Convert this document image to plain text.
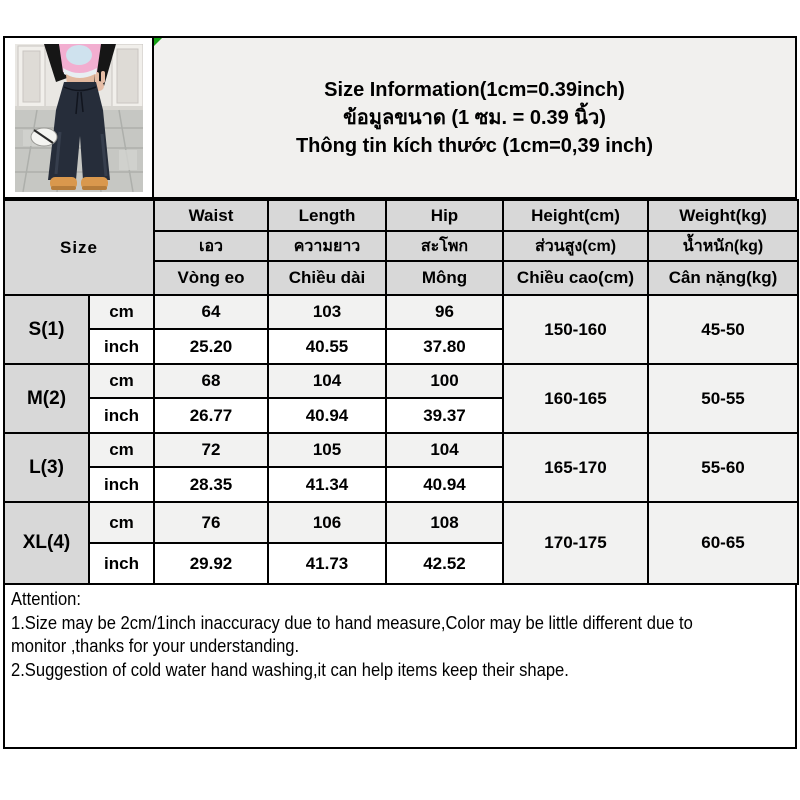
Size Information(1cm=0.39inch)
ข้อมูลขนาด (1 ซม. = 0.39 นิ้ว)
Thông tin kích thước (1cm=0,39 inch)
Size		Waist	Length	Hip	Height(cm)	Weight(kg)
		เอว	ความยาว	สะโพก	ส่วนสูง(cm)	น้ำหนัก(kg)
		Vòng eo	Chiều dài	Mông	Chiều cao(cm)	Cân nặng(kg)
S(1)	cm	64	103	96	150-160	45-50
	inch	25.20	40.55	37.80		
M(2)	cm	68	104	100	160-165	50-55
	inch	26.77	40.94	39.37		
L(3)	cm	72	105	104	165-170	55-60
	inch	28.35	41.34	40.94		
XL(4)	cm	76	106	108	170-175	60-65
	inch	29.92	41.73	42.52		
Attention:
1.Size may be 2cm/1inch inaccuracy due to hand measure,Color may be little different due to
monitor ,thanks for your understanding.
2.Suggestion of cold water hand washing,it can help items keep their shape.
